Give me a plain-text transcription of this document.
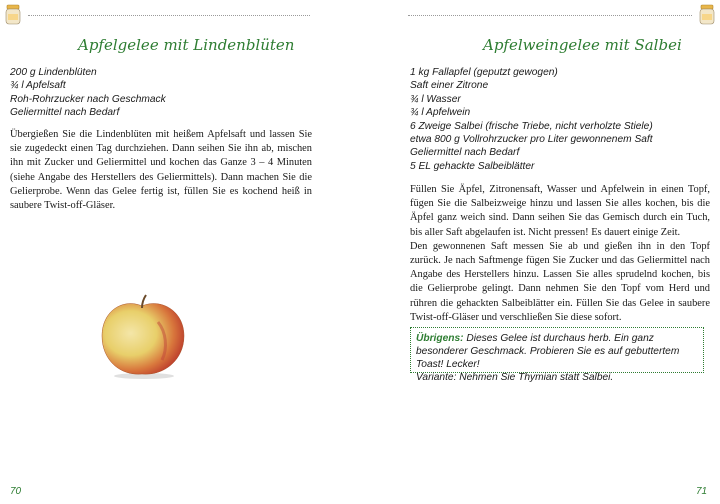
Apfelgelee mit Lindenblüten
200 g Lindenblüten
¾ l Apfelsaft
Roh-Rohrzucker nach Geschmack
Geliermittel nach Bedarf

Übergießen Sie die Lindenblüten mit heißem Apfelsaft und lassen Sie sie zugedeckt einen Tag durchziehen. Dann seihen Sie ihn ab, mischen ihn mit Zucker und Geliermittel und kochen das Ganze 3 – 4 Minuten (siehe Angabe des Herstellers des Geliermittels). Dann machen Sie die Gelierprobe. Wenn das Gelee fertig ist, füllen Sie es kochend heiß in saubere Twist-off-Gläser.

70
Apfelweingelee mit Salbei
1 kg Fallapfel (geputzt gewogen)
Saft einer Zitrone
¾ l Wasser
¾ l Apfelwein
6 Zweige Salbei (frische Triebe, nicht verholzte Stiele)
etwa 800 g Vollrohrzucker pro Liter gewonnenem Saft
Geliermittel nach Bedarf
5 EL gehackte Salbeiblätter

Füllen Sie Äpfel, Zitronensaft, Wasser und Apfelwein in einen Topf, fügen Sie die Salbeizweige hinzu und lassen Sie alles kochen, bis die Äpfel ganz weich sind. Dann seihen Sie das Gemisch durch ein Tuch, bis aller Saft abgelaufen ist. Nicht pressen! Es dauert einige Zeit.

Den gewonnenen Saft messen Sie ab und gießen ihn in den Topf zurück. Je nach Saftmenge fügen Sie Zucker und das Geliermittel nach Angabe des Herstellers hinzu. Lassen Sie alles sprudelnd kochen, bis die Gelierprobe gelingt. Dann nehmen Sie den Topf vom Herd und rühren die gehackten Salbeiblätter ein. Füllen Sie das Gelee in saubere Twist-off-Gläser und verschließen Sie diese sofort.

Übrigens: Dieses Gelee ist durchaus herb. Ein ganz besonderer Geschmack. Probieren Sie es auf gebuttertem Toast! Lecker!

Variante: Nehmen Sie Thymian statt Salbei.

71
